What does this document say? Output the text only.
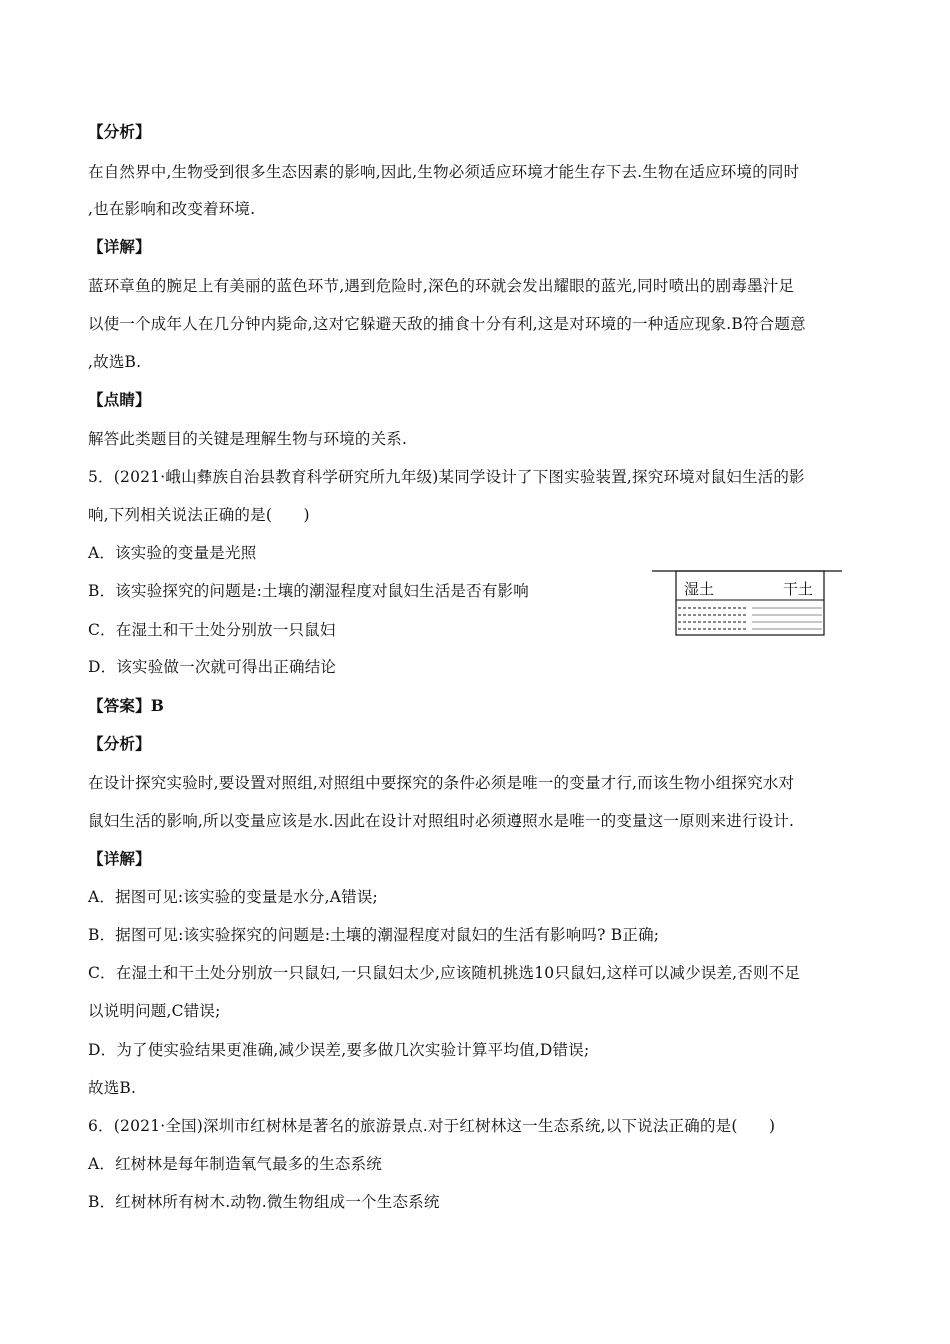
【分析】
在自然界中,生物受到很多生态因素的影响,因此,生物必须适应环境才能生存下去.生物在适应环境的同时
,也在影响和改变着环境.
【详解】
蓝环章鱼的腕足上有美丽的蓝色环节,遇到危险时,深色的环就会发出耀眼的蓝光,同时喷出的剧毒墨汁足
以使一个成年人在几分钟内毙命,这对它躲避天敌的捕食十分有利,这是对环境的一种适应现象.B符合题意
,故选B.
【点睛】
解答此类题目的关键是理解生物与环境的关系.
5．(2021·峨山彝族自治县教育科学研究所九年级)某同学设计了下图实验装置,探究环境对鼠妇生活的影
响,下列相关说法正确的是(　　)
A．该实验的变量是光照
B．该实验探究的问题是:土壤的潮湿程度对鼠妇生活是否有影响
C．在湿土和干土处分别放一只鼠妇
D．该实验做一次就可得出正确结论
【答案】B
【分析】
在设计探究实验时,要设置对照组,对照组中要探究的条件必须是唯一的变量才行,而该生物小组探究水对
鼠妇生活的影响,所以变量应该是水.因此在设计对照组时必须遵照水是唯一的变量这一原则来进行设计.
【详解】
A．据图可见:该实验的变量是水分,A错误;
B．据图可见:该实验探究的问题是:土壤的潮湿程度对鼠妇的生活有影响吗? B正确;
C．在湿土和干土处分别放一只鼠妇,一只鼠妇太少,应该随机挑选10只鼠妇,这样可以减少误差,否则不足
以说明问题,C错误;
D．为了使实验结果更准确,减少误差,要多做几次实验计算平均值,D错误;
故选B.
6．(2021·全国)深圳市红树林是著名的旅游景点.对于红树林这一生态系统,以下说法正确的是(　　)
A．红树林是每年制造氧气最多的生态系统
B．红树林所有树木.动物.微生物组成一个生态系统
湿土	干土
